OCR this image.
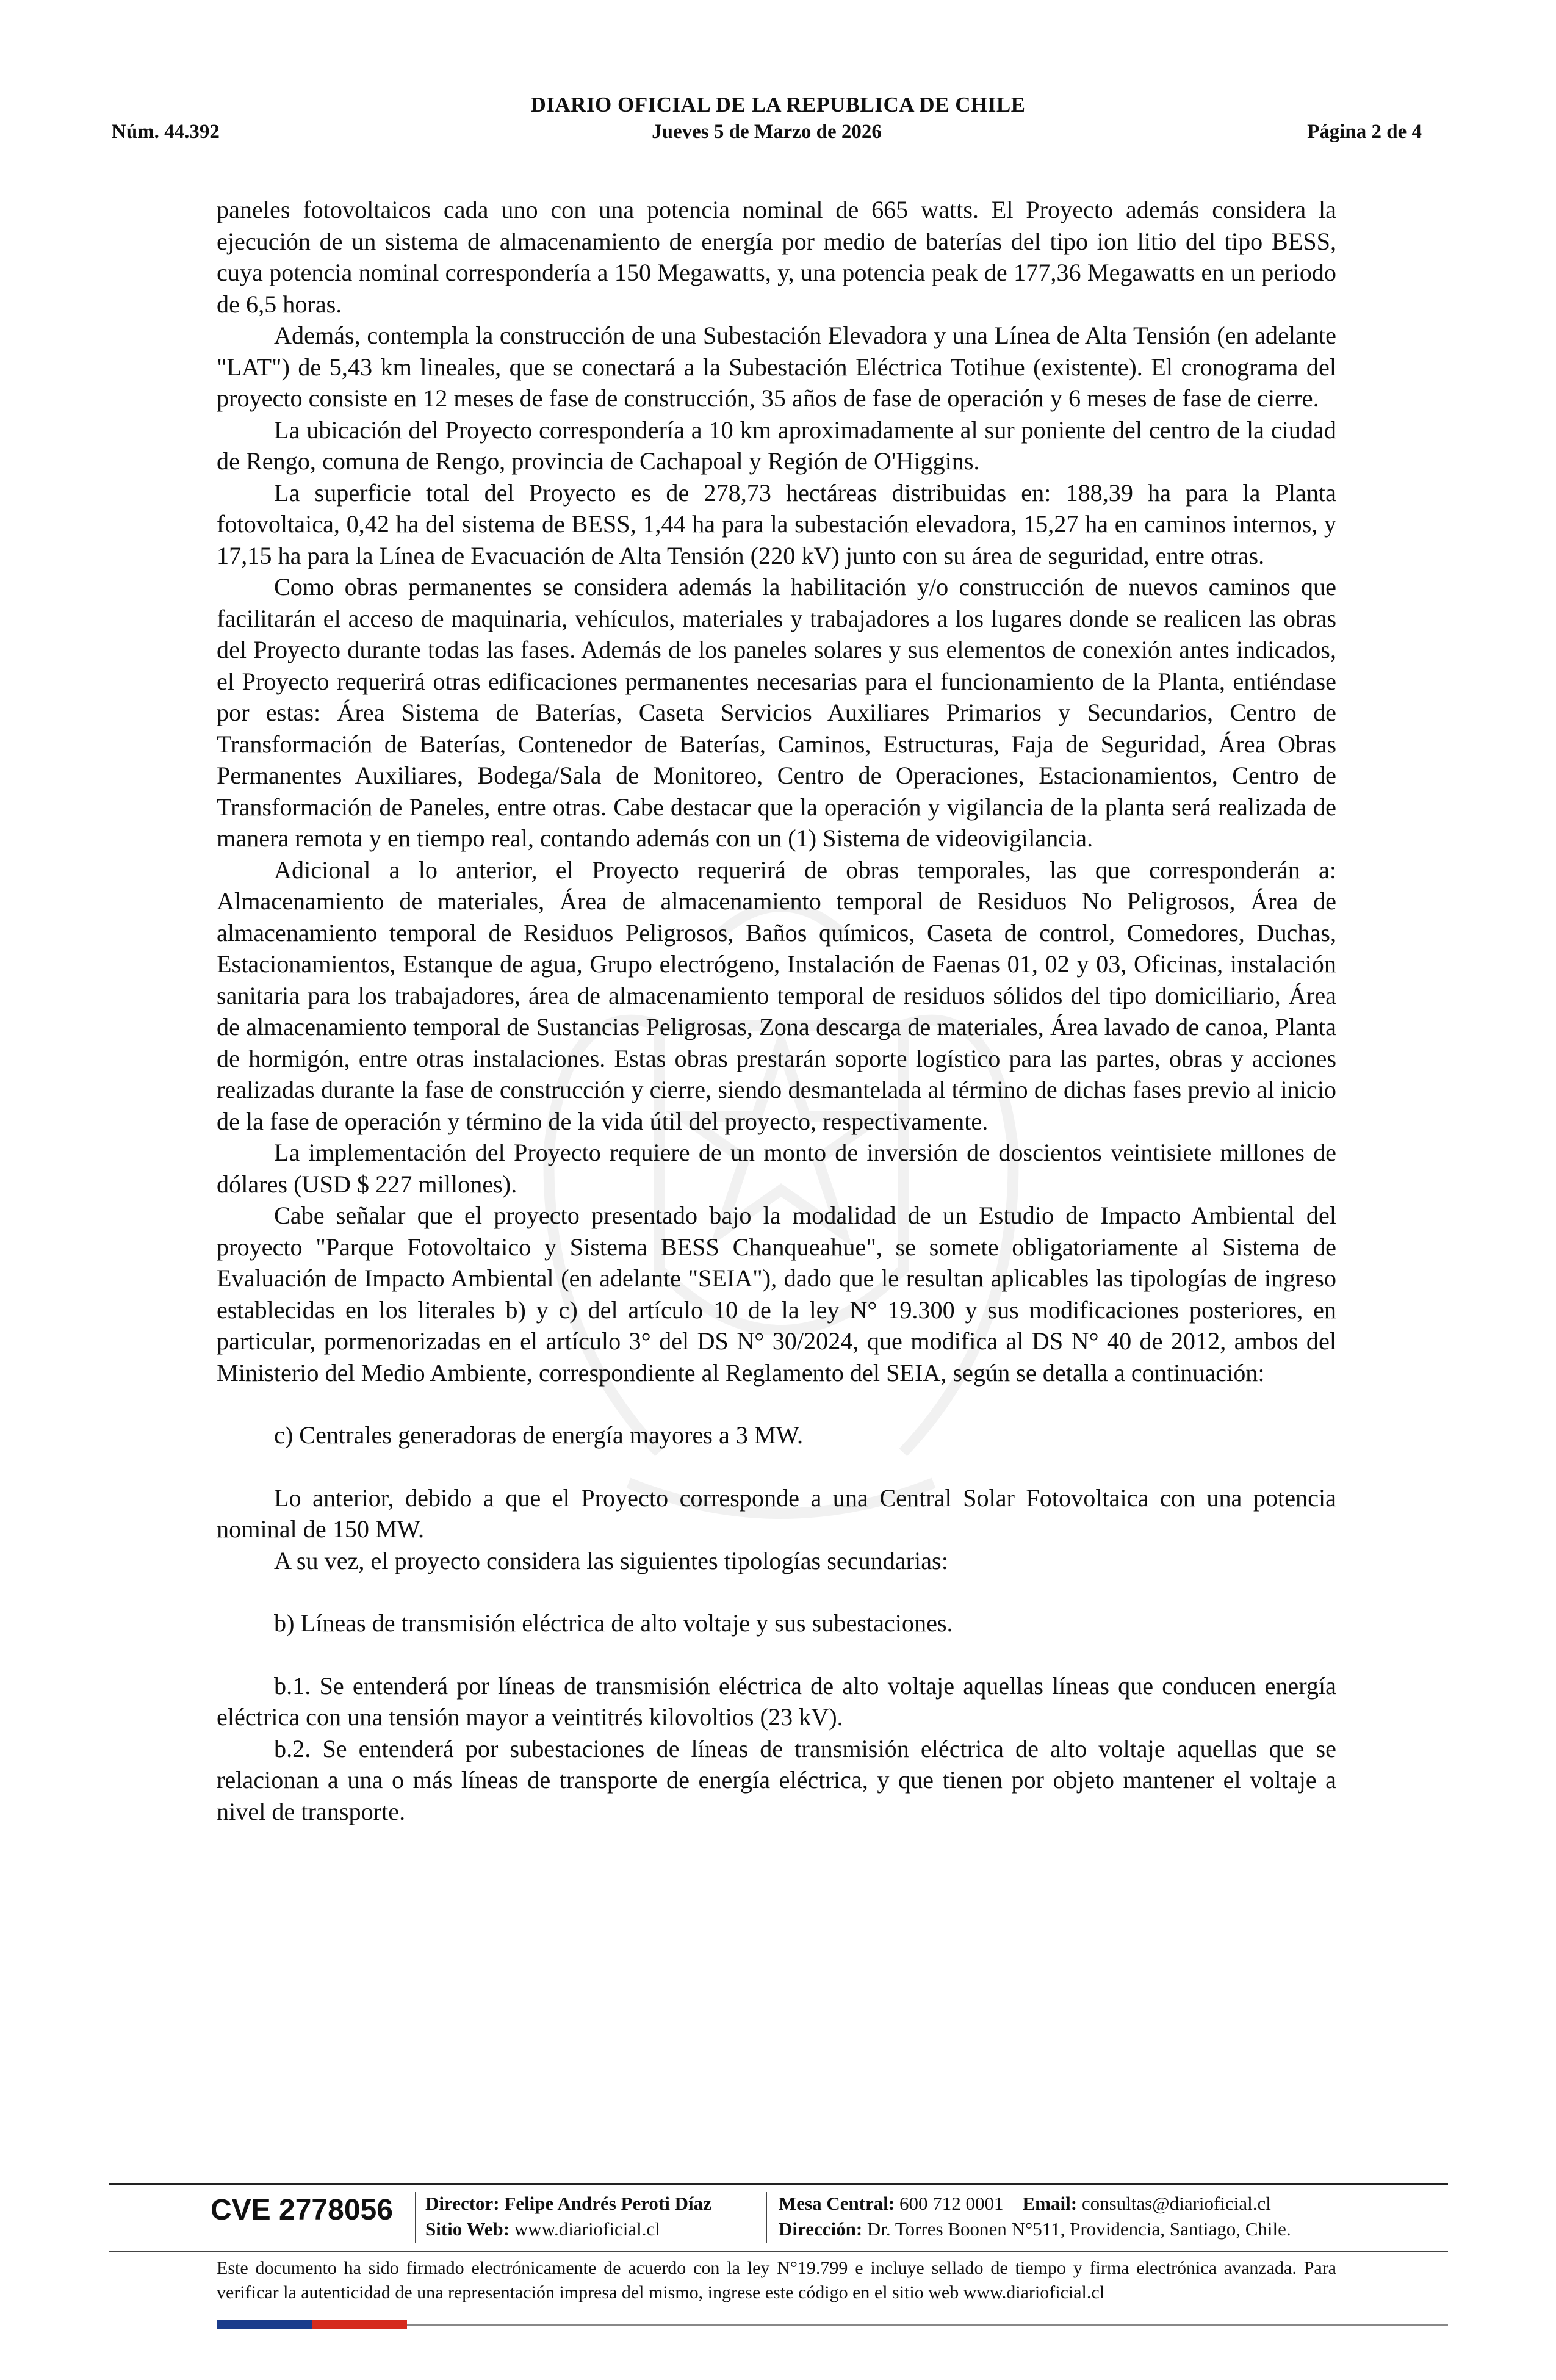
DIARIO OFICIAL DE LA REPUBLICA DE CHILE
Núm. 44.392	Jueves 5 de Marzo de 2026	Página 2 de 4

paneles fotovoltaicos cada uno con una potencia nominal de 665 watts. El Proyecto además considera la ejecución de un sistema de almacenamiento de energía por medio de baterías del tipo ion litio del tipo BESS, cuya potencia nominal correspondería a 150 Megawatts, y, una potencia peak de 177,36 Megawatts en un periodo de 6,5 horas.

Además, contempla la construcción de una Subestación Elevadora y una Línea de Alta Tensión (en adelante "LAT") de 5,43 km lineales, que se conectará a la Subestación Eléctrica Totihue (existente). El cronograma del proyecto consiste en 12 meses de fase de construcción, 35 años de fase de operación y 6 meses de fase de cierre.

La ubicación del Proyecto correspondería a 10 km aproximadamente al sur poniente del centro de la ciudad de Rengo, comuna de Rengo, provincia de Cachapoal y Región de O'Higgins.

La superficie total del Proyecto es de 278,73 hectáreas distribuidas en: 188,39 ha para la Planta fotovoltaica, 0,42 ha del sistema de BESS, 1,44 ha para la subestación elevadora, 15,27 ha en caminos internos, y 17,15 ha para la Línea de Evacuación de Alta Tensión (220 kV) junto con su área de seguridad, entre otras.

Como obras permanentes se considera además la habilitación y/o construcción de nuevos caminos que facilitarán el acceso de maquinaria, vehículos, materiales y trabajadores a los lugares donde se realicen las obras del Proyecto durante todas las fases. Además de los paneles solares y sus elementos de conexión antes indicados, el Proyecto requerirá otras edificaciones permanentes necesarias para el funcionamiento de la Planta, entiéndase por estas: Área Sistema de Baterías, Caseta Servicios Auxiliares Primarios y Secundarios, Centro de Transformación de Baterías, Contenedor de Baterías, Caminos, Estructuras, Faja de Seguridad, Área Obras Permanentes Auxiliares, Bodega/Sala de Monitoreo, Centro de Operaciones, Estacionamientos, Centro de Transformación de Paneles, entre otras. Cabe destacar que la operación y vigilancia de la planta será realizada de manera remota y en tiempo real, contando además con un (1) Sistema de videovigilancia.

Adicional a lo anterior, el Proyecto requerirá de obras temporales, las que corresponderán a: Almacenamiento de materiales, Área de almacenamiento temporal de Residuos No Peligrosos, Área de almacenamiento temporal de Residuos Peligrosos, Baños químicos, Caseta de control, Comedores, Duchas, Estacionamientos, Estanque de agua, Grupo electrógeno, Instalación de Faenas 01, 02 y 03, Oficinas, instalación sanitaria para los trabajadores, área de almacenamiento temporal de residuos sólidos del tipo domiciliario, Área de almacenamiento temporal de Sustancias Peligrosas, Zona descarga de materiales, Área lavado de canoa, Planta de hormigón, entre otras instalaciones. Estas obras prestarán soporte logístico para las partes, obras y acciones realizadas durante la fase de construcción y cierre, siendo desmantelada al término de dichas fases previo al inicio de la fase de operación y término de la vida útil del proyecto, respectivamente.

La implementación del Proyecto requiere de un monto de inversión de doscientos veintisiete millones de dólares (USD $ 227 millones).

Cabe señalar que el proyecto presentado bajo la modalidad de un Estudio de Impacto Ambiental del proyecto "Parque Fotovoltaico y Sistema BESS Chanqueahue", se somete obligatoriamente al Sistema de Evaluación de Impacto Ambiental (en adelante "SEIA"), dado que le resultan aplicables las tipologías de ingreso establecidas en los literales b) y c) del artículo 10 de la ley N° 19.300 y sus modificaciones posteriores, en particular, pormenorizadas en el artículo 3° del DS N° 30/2024, que modifica al DS N° 40 de 2012, ambos del Ministerio del Medio Ambiente, correspondiente al Reglamento del SEIA, según se detalla a continuación:

c) Centrales generadoras de energía mayores a 3 MW.

Lo anterior, debido a que el Proyecto corresponde a una Central Solar Fotovoltaica con una potencia nominal de 150 MW.

A su vez, el proyecto considera las siguientes tipologías secundarias:

b) Líneas de transmisión eléctrica de alto voltaje y sus subestaciones.

b.1. Se entenderá por líneas de transmisión eléctrica de alto voltaje aquellas líneas que conducen energía eléctrica con una tensión mayor a veintitrés kilovoltios (23 kV).

b.2. Se entenderá por subestaciones de líneas de transmisión eléctrica de alto voltaje aquellas que se relacionan a una o más líneas de transporte de energía eléctrica, y que tienen por objeto mantener el voltaje a nivel de transporte.

CVE 2778056 Director: Felipe Andrés Peroti Díaz
Sitio Web: www.diarioficial.cl
Mesa Central: 600 712 0001 Email: consultas@diarioficial.cl
Dirección: Dr. Torres Boonen N°511, Providencia, Santiago, Chile.
Este documento ha sido firmado electrónicamente de acuerdo con la ley N°19.799 e incluye sellado de tiempo y firma electrónica avanzada. Para verificar la autenticidad de una representación impresa del mismo, ingrese este código en el sitio web www.diarioficial.cl
